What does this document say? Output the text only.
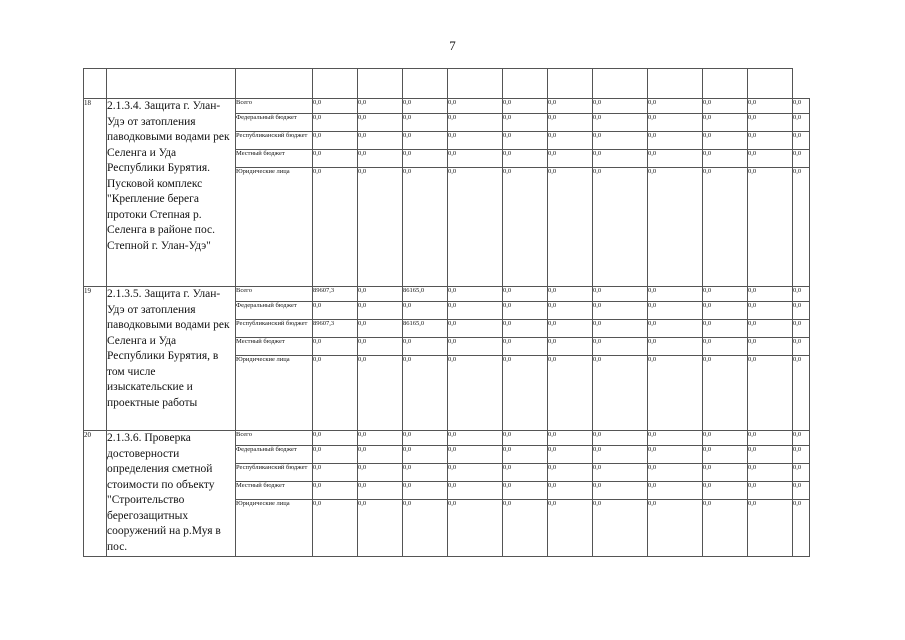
7

18	2.1.3.4. Защита г. Улан-Удэ от затопления паводковыми водами рек Селенга и Уда Республики Бурятия. Пусковой комплекс "Крепление берега протоки Степная р. Селенга в районе пос. Степной г. Улан-Удэ"	Всего	0,0	0,0	0,0	0,0	0,0	0,0	0,0	0,0	0,0	0,0	0,0
		Федеральный бюджет	0,0	0,0	0,0	0,0	0,0	0,0	0,0	0,0	0,0	0,0	0,0
		Республиканский бюджет	0,0	0,0	0,0	0,0	0,0	0,0	0,0	0,0	0,0	0,0	0,0
		Местный бюджет	0,0	0,0	0,0	0,0	0,0	0,0	0,0	0,0	0,0	0,0	0,0
		Юридические лица	0,0	0,0	0,0	0,0	0,0	0,0	0,0	0,0	0,0	0,0	0,0
19	2.1.3.5. Защита г. Улан-Удэ от затопления паводковыми водами рек Селенга и Уда Республики Бурятия, в том числе изыскательские и проектные работы	Всего	89607,3	0,0	86165,0	0,0	0,0	0,0	0,0	0,0	0,0	0,0	0,0
		Федеральный бюджет	0,0	0,0	0,0	0,0	0,0	0,0	0,0	0,0	0,0	0,0	0,0
		Республиканский бюджет	89607,3	0,0	86165,0	0,0	0,0	0,0	0,0	0,0	0,0	0,0	0,0
		Местный бюджет	0,0	0,0	0,0	0,0	0,0	0,0	0,0	0,0	0,0	0,0	0,0
		Юридические лица	0,0	0,0	0,0	0,0	0,0	0,0	0,0	0,0	0,0	0,0	0,0
20	2.1.3.6. Проверка достоверности определения сметной стоимости по объекту "Строительство берегозащитных сооружений на р.Муя в пос.	Всего	0,0	0,0	0,0	0,0	0,0	0,0	0,0	0,0	0,0	0,0	0,0
		Федеральный бюджет	0,0	0,0	0,0	0,0	0,0	0,0	0,0	0,0	0,0	0,0	0,0
		Республиканский бюджет	0,0	0,0	0,0	0,0	0,0	0,0	0,0	0,0	0,0	0,0	0,0
		Местный бюджет	0,0	0,0	0,0	0,0	0,0	0,0	0,0	0,0	0,0	0,0	0,0
		Юридические лица	0,0	0,0	0,0	0,0	0,0	0,0	0,0	0,0	0,0	0,0	0,0
